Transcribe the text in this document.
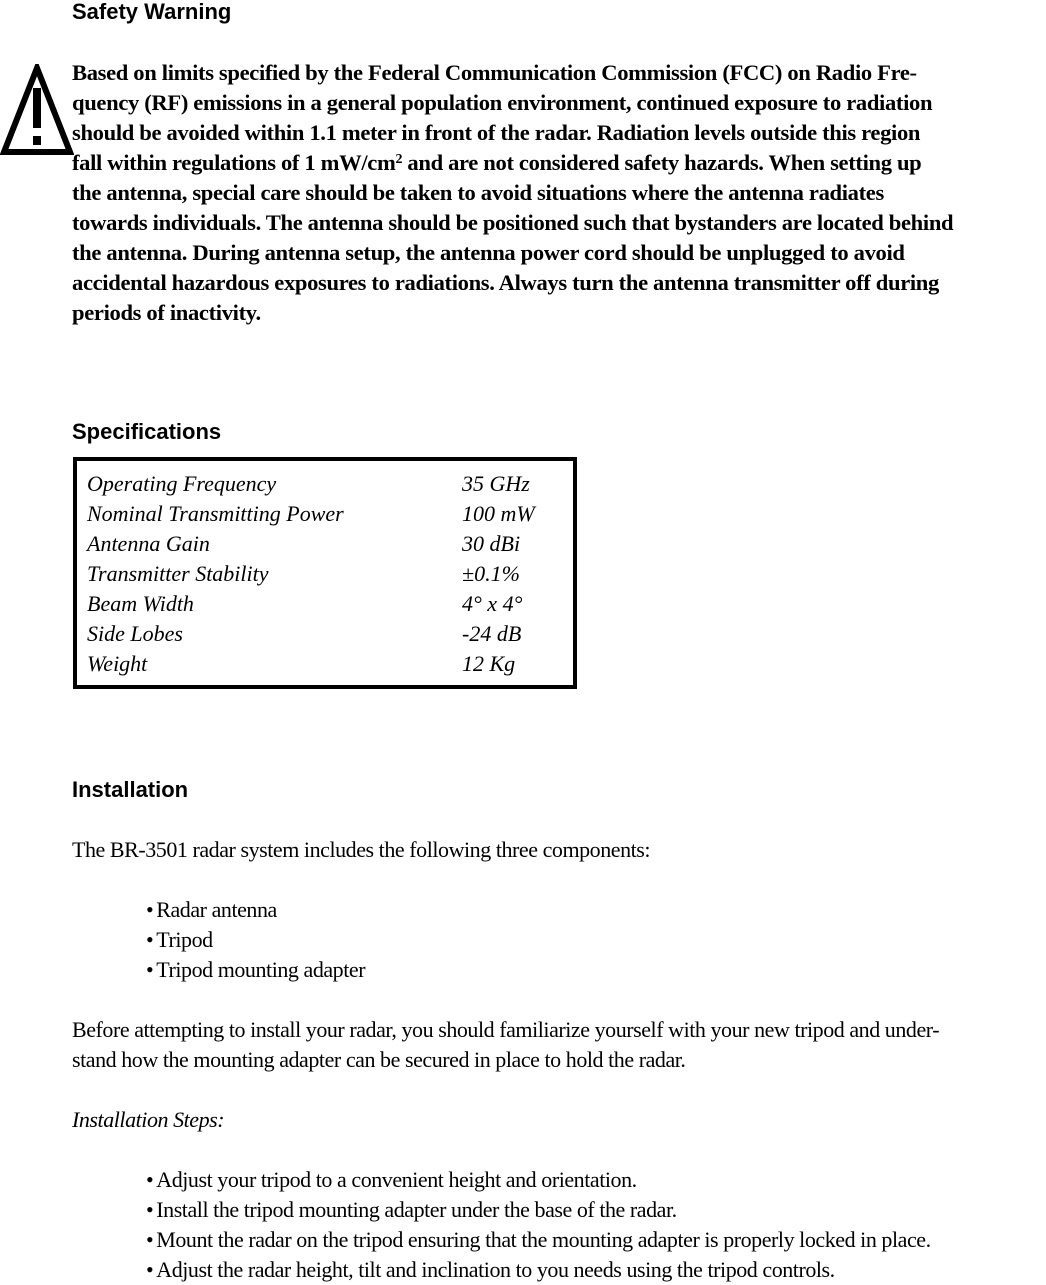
Safety Warning
Based on limits specified by the Federal Communication Commission (FCC) on Radio Fre-
quency (RF) emissions in a general population environment, continued exposure to radiation
should be avoided within 1.1 meter in front of the radar. Radiation levels outside this region
fall within regulations of 1 $mW/cm^2$ and are not considered safety hazards. When setting up
the antenna, special care should be taken to avoid situations where the antenna radiates
towards individuals. The antenna should be positioned such that bystanders are located behind
the antenna. During antenna setup, the antenna power cord should be unplugged to avoid
accidental hazardous exposures to radiations. Always turn the antenna transmitter off during
periods of inactivity.
Specifications
Operating Frequency	35 GHz
Nominal Transmitting Power	100 mW
Antenna Gain	30 dBi
Transmitter Stability	±0.1%
Beam Width	4° x 4°
Side Lobes	-24 dB
Weight	12 Kg
Installation

The BR-3501 radar system includes the following three components:

• Radar antenna
• Tripod
• Tripod mounting adapter

Before attempting to install your radar, you should familiarize yourself with your new tripod and under-

stand how the mounting adapter can be secured in place to hold the radar.

Installation Steps:

• Adjust your tripod to a convenient height and orientation.
• Install the tripod mounting adapter under the base of the radar.
• Mount the radar on the tripod ensuring that the mounting adapter is properly locked in place.
• Adjust the radar height, tilt and inclination to you needs using the tripod controls.
